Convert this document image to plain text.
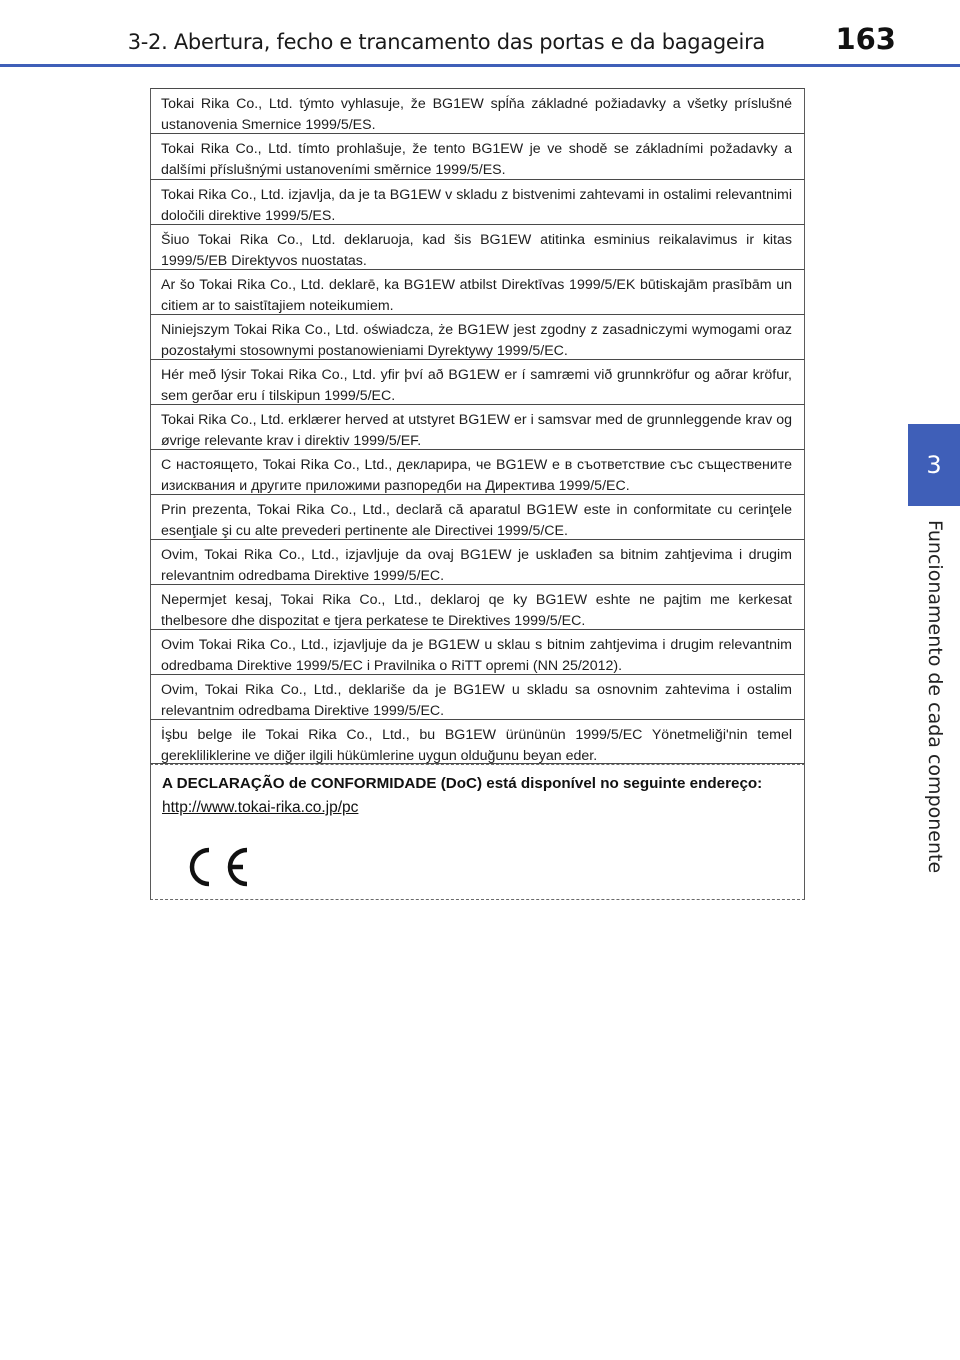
3-2. Abertura, fecho e trancamento das portas e da bagageira 163
3
Funcionamento de cada componente
Tokai Rika Co., Ltd. týmto vyhlasuje, že BG1EW spĺňa základné požiadavky a všetky príslušné ustanovenia Smernice 1999/5/ES.
Tokai Rika Co., Ltd. tímto prohlašuje, že tento BG1EW je ve shodě se základními požadavky a dalšími příslušnými ustanoveními směrnice 1999/5/ES.
Tokai Rika Co., Ltd. izjavlja, da je ta BG1EW v skladu z bistvenimi zahtevami in ostalimi relevantnimi določili direktive 1999/5/ES.
Šiuo Tokai Rika Co., Ltd. deklaruoja, kad šis BG1EW atitinka esminius reikalavimus ir kitas 1999/5/EB Direktyvos nuostatas.
Ar šo Tokai Rika Co., Ltd. deklarē, ka BG1EW atbilst Direktīvas 1999/5/EK būtiskajām prasībām un citiem ar to saistītajiem noteikumiem.
Niniejszym Tokai Rika Co., Ltd. oświadcza, że BG1EW jest zgodny z zasadniczymi wymogami oraz pozostałymi stosownymi postanowieniami Dyrektywy 1999/5/EC.
Hér með lýsir Tokai Rika Co., Ltd. yfir því að BG1EW er í samræmi við grunnkröfur og aðrar kröfur, sem gerðar eru í tilskipun 1999/5/EC.
Tokai Rika Co., Ltd. erklærer herved at utstyret BG1EW er i samsvar med de grunnleggende krav og øvrige relevante krav i direktiv 1999/5/EF.
С настоящето, Tokai Rika Co., Ltd., декларира, че BG1EW е в съответствие със съществените изисквания и другите приложими разпоредби на Директива 1999/5/EC.
Prin prezenta, Tokai Rika Co., Ltd., declară că aparatul BG1EW este in conformitate cu cerinţele esenţiale şi cu alte prevederi pertinente ale Directivei 1999/5/CE.
Ovim, Tokai Rika Co., Ltd., izjavljuje da ovaj BG1EW je usklađen sa bitnim zahtjevima i drugim relevantnim odredbama Direktive 1999/5/EC.
Nepermjet kesaj, Tokai Rika Co., Ltd., deklaroj qe ky BG1EW eshte ne pajtim me kerkesat thelbesore dhe dispozitat e tjera perkatese te Direktives 1999/5/EC.
Ovim Tokai Rika Co., Ltd., izjavljuje da je BG1EW u sklau s bitnim zahtjevima i drugim relevantnim odredbama Direktive 1999/5/EC i Pravilnika o RiTT opremi (NN 25/2012).
Ovim, Tokai Rika Co., Ltd., deklariše da je BG1EW u skladu sa osnovnim zahtevima i ostalim relevantnim odredbama Direktive 1999/5/EC.
İşbu belge ile Tokai Rika Co., Ltd., bu BG1EW ürününün 1999/5/EC Yönetmeliği'nin temel gerekliliklerine ve diğer ilgili hükümlerine uygun olduğunu beyan eder.
A DECLARAÇÃO de CONFORMIDADE (DoC) está disponível no seguinte endereço:
http://www.tokai-rika.co.jp/pc
